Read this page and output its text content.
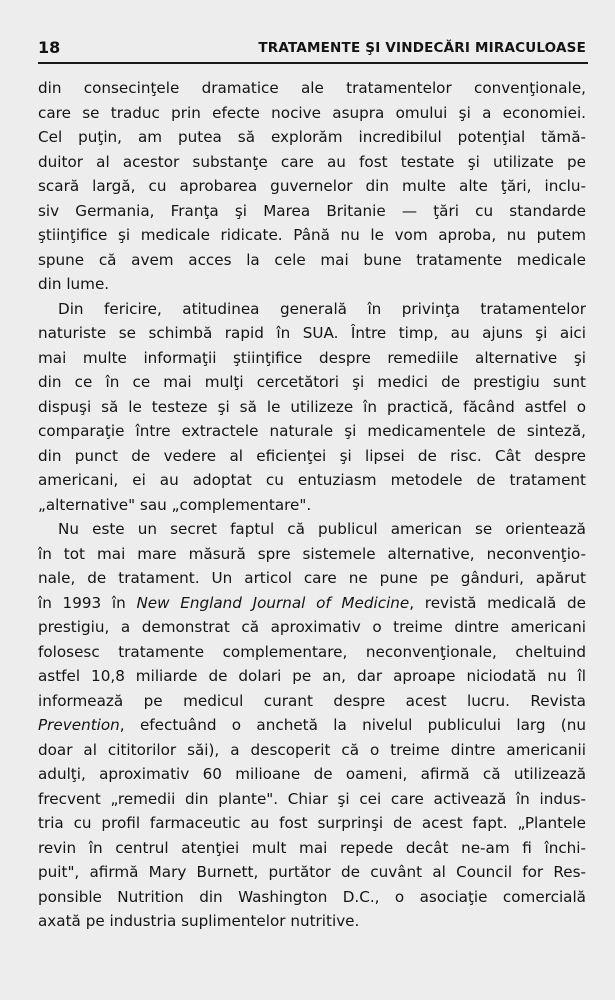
18	TRATAMENTE ŞI VINDECĂRI MIRACULOASE
din consecinţele dramatice ale tratamentelor convenţionale,
care se traduc prin efecte nocive asupra omului şi a economiei.
Cel puţin, am putea să explorăm incredibilul potenţial tămă-
duitor al acestor substanţe care au fost testate şi utilizate pe
scară largă, cu aprobarea guvernelor din multe alte ţări, inclu-
siv Germania, Franţa şi Marea Britanie — ţări cu standarde
ştiinţifice şi medicale ridicate. Până nu le vom aproba, nu putem
spune că avem acces la cele mai bune tratamente medicale
din lume.
Din fericire, atitudinea generală în privinţa tratamentelor
naturiste se schimbă rapid în SUA. Între timp, au ajuns şi aici
mai multe informaţii ştiinţifice despre remediile alternative şi
din ce în ce mai mulţi cercetători şi medici de prestigiu sunt
dispuşi să le testeze şi să le utilizeze în practică, făcând astfel o
comparaţie între extractele naturale şi medicamentele de sinteză,
din punct de vedere al eficienţei şi lipsei de risc. Cât despre
americani, ei au adoptat cu entuziasm metodele de tratament
„alternative" sau „complementare".
Nu este un secret faptul că publicul american se orientează
în tot mai mare măsură spre sistemele alternative, neconvenţio-
nale, de tratament. Un articol care ne pune pe gânduri, apărut
în 1993 în New England Journal of Medicine, revistă medicală de
prestigiu, a demonstrat că aproximativ o treime dintre americani
folosesc tratamente complementare, neconvenţionale, cheltuind
astfel 10,8 miliarde de dolari pe an, dar aproape niciodată nu îl
informează pe medicul curant despre acest lucru. Revista
Prevention, efectuând o anchetă la nivelul publicului larg (nu
doar al cititorilor săi), a descoperit că o treime dintre americanii
adulţi, aproximativ 60 milioane de oameni, afirmă că utilizează
frecvent „remedii din plante". Chiar şi cei care activează în indus-
tria cu profil farmaceutic au fost surprinşi de acest fapt. „Plantele
revin în centrul atenţiei mult mai repede decât ne-am fi închi-
puit", afirmă Mary Burnett, purtător de cuvânt al Council for Res-
ponsible Nutrition din Washington D.C., o asociaţie comercială
axată pe industria suplimentelor nutritive.
